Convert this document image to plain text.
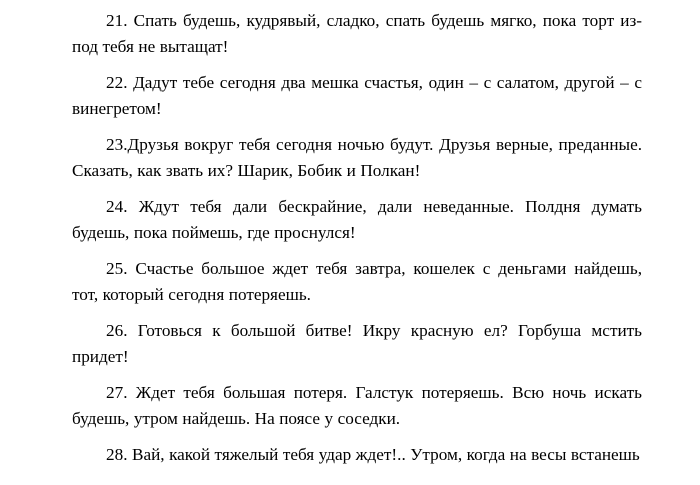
21. Спать будешь, кудрявый, сладко, спать будешь мягко, пока торт из-под тебя не вытащат!

22. Дадут тебе сегодня два мешка счастья, один – с салатом, другой – с винегретом!

23.Друзья вокруг тебя сегодня ночью будут. Друзья верные, преданные. Сказать, как звать их? Шарик, Бобик и Полкан!

24. Ждут тебя дали бескрайние, дали неведанные. Полдня думать будешь, пока поймешь, где проснулся!

25. Счастье большое ждет тебя завтра, кошелек с деньгами найдешь, тот, который сегодня потеряешь.

26. Готовься к большой битве! Икру красную ел? Горбуша мстить придет!

27. Ждет тебя большая потеря. Галстук потеряешь. Всю ночь искать будешь, утром найдешь. На поясе у соседки.

28. Вай, какой тяжелый тебя удар ждет!.. Утром, когда на весы встанешь
